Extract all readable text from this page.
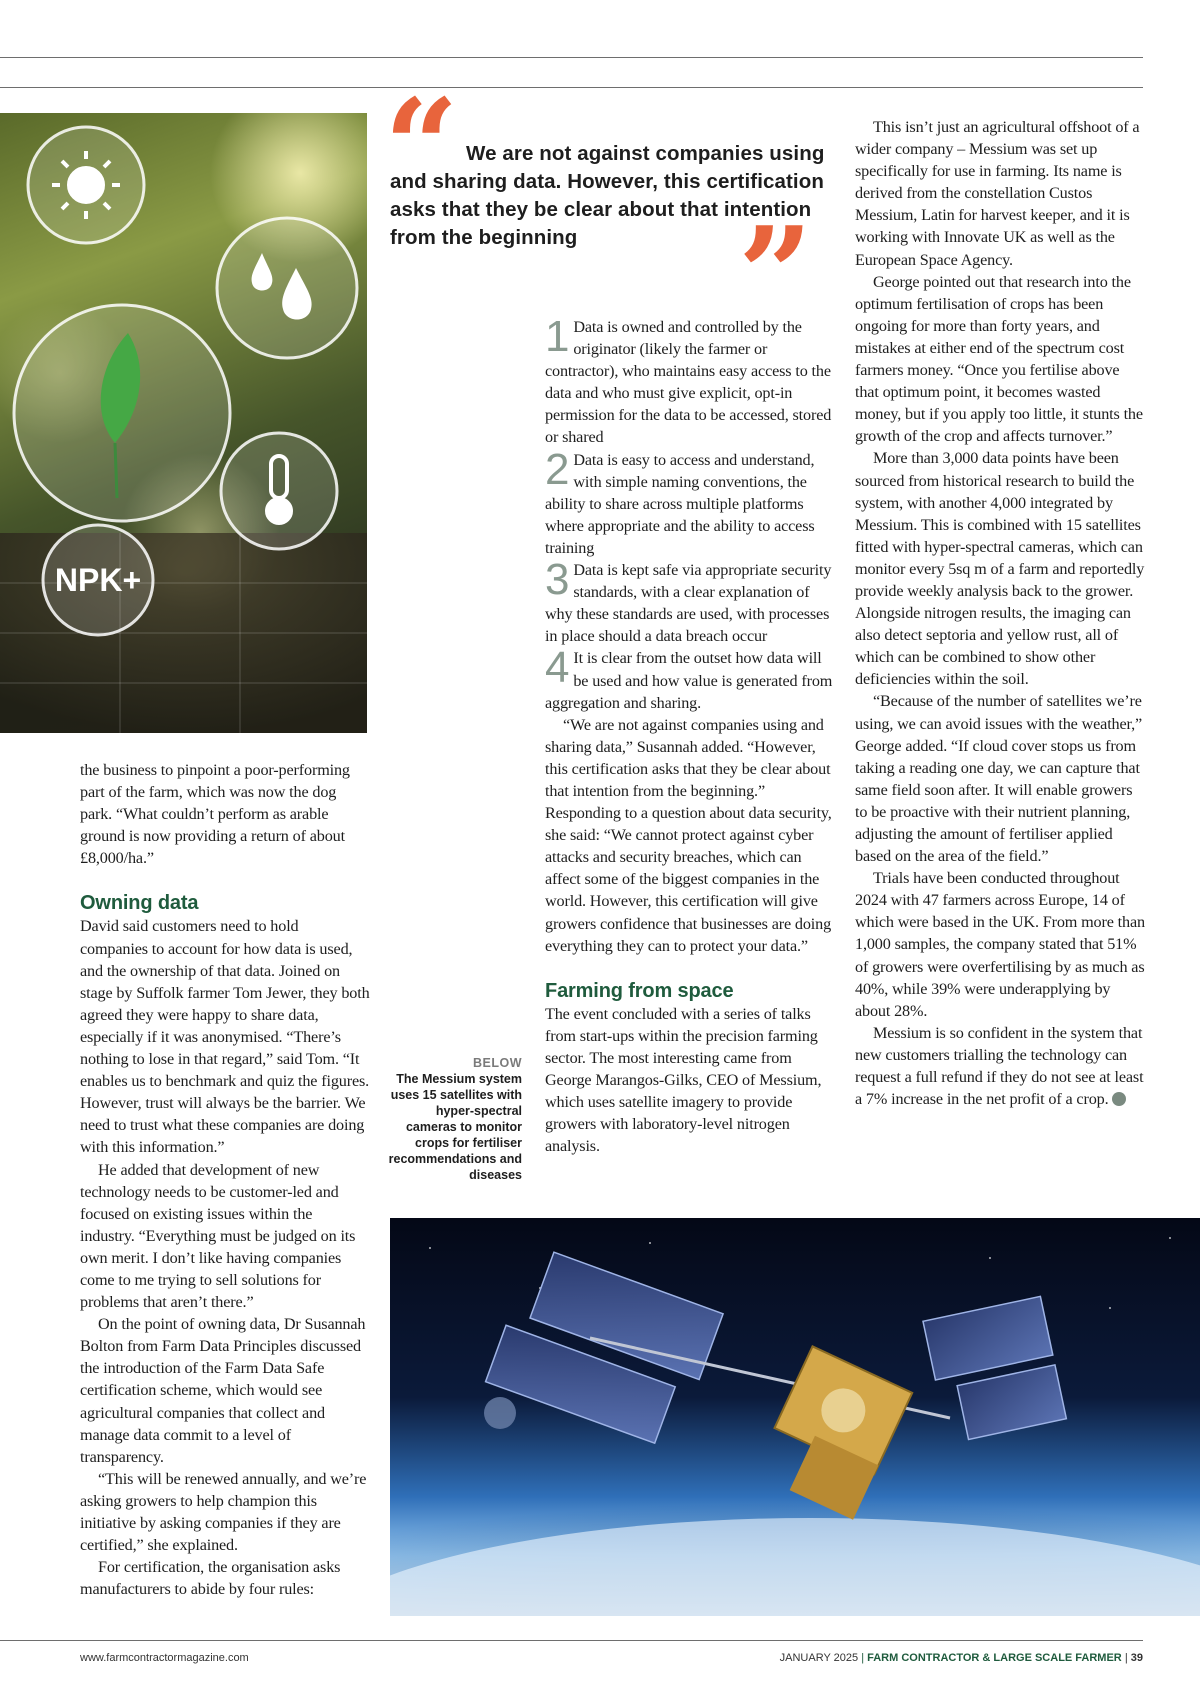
NPK+
“ We are not against companies using and sharing data. However, this certification asks that they be clear about that intention from the beginning	”

the business to pinpoint a poor-performing part of the farm, which was now the dog park. “What couldn’t perform as arable ground is now providing a return of about £8,000/ha.”

Owning data

David said customers need to hold companies to account for how data is used, and the ownership of that data. Joined on stage by Suffolk farmer Tom Jewer, they both agreed they were happy to share data, especially if it was anonymised. “There’s nothing to lose in that regard,” said Tom. “It enables us to benchmark and quiz the figures. However, trust will always be the barrier. We need to trust what these companies are doing with this information.”

He added that development of new technology needs to be customer-led and focused on existing issues within the industry. “Everything must be judged on its own merit. I don’t like having companies come to me trying to sell solutions for problems that aren’t there.”

On the point of owning data, Dr Susannah Bolton from Farm Data Principles discussed the introduction of the Farm Data Safe certification scheme, which would see agricultural companies that collect and manage data commit to a level of transparency.

“This will be renewed annually, and we’re asking growers to help champion this initiative by asking companies if they are certified,” she explained.

For certification, the organisation asks manufacturers to abide by four rules:

1 Data is owned and controlled by the originator (likely the farmer or contractor), who maintains easy access to the data and who must give explicit, opt-in permission for the data to be accessed, stored or shared

2 Data is easy to access and understand, with simple naming conventions, the ability to share across multiple platforms where appropriate and the ability to access training

3 Data is kept safe via appropriate security standards, with a clear explanation of why these standards are used, with processes in place should a data breach occur

4 It is clear from the outset how data will be used and how value is generated from aggregation and sharing.

“We are not against companies using and sharing data,” Susannah added. “However, this certification asks that they be clear about that intention from the beginning.” Responding to a question about data security, she said: “We cannot protect against cyber attacks and security breaches, which can affect some of the biggest companies in the world. However, this certification will give growers confidence that businesses are doing everything they can to protect your data.”

Farming from space

The event concluded with a series of talks from start-ups within the precision farming sector. The most interesting came from George Marangos-Gilks, CEO of Messium, which uses satellite imagery to provide growers with laboratory-level nitrogen analysis.

BELOW
The Messium system uses 15 satellites with hyper-spectral cameras to monitor crops for fertiliser recommendations and diseases

This isn’t just an agricultural offshoot of a wider company – Messium was set up specifically for use in farming. Its name is derived from the constellation Custos Messium, Latin for harvest keeper, and it is working with Innovate UK as well as the European Space Agency.

George pointed out that research into the optimum fertilisation of crops has been ongoing for more than forty years, and mistakes at either end of the spectrum cost farmers money. “Once you fertilise above that optimum point, it becomes wasted money, but if you apply too little, it stunts the growth of the crop and affects turnover.”

More than 3,000 data points have been sourced from historical research to build the system, with another 4,000 integrated by Messium. This is combined with 15 satellites fitted with hyper-spectral cameras, which can monitor every 5sq m of a farm and reportedly provide weekly analysis back to the grower. Alongside nitrogen results, the imaging can also detect septoria and yellow rust, all of which can be combined to show other deficiencies within the soil.

“Because of the number of satellites we’re using, we can avoid issues with the weather,” George added. “If cloud cover stops us from taking a reading one day, we can capture that same field soon after. It will enable growers to be proactive with their nutrient planning, adjusting the amount of fertiliser applied based on the area of the field.”

Trials have been conducted throughout 2024 with 47 farmers across Europe, 14 of which were based in the UK. From more than 1,000 samples, the company stated that 51% of growers were overfertilising by as much as 40%, while 39% were underapplying by about 28%.

Messium is so confident in the system that new customers trialling the technology can request a full refund if they do not see at least a 7% increase in the net profit of a crop.

www.farmcontractormagazine.com	JANUARY 2025 | FARM CONTRACTOR & LARGE SCALE FARMER | 39
